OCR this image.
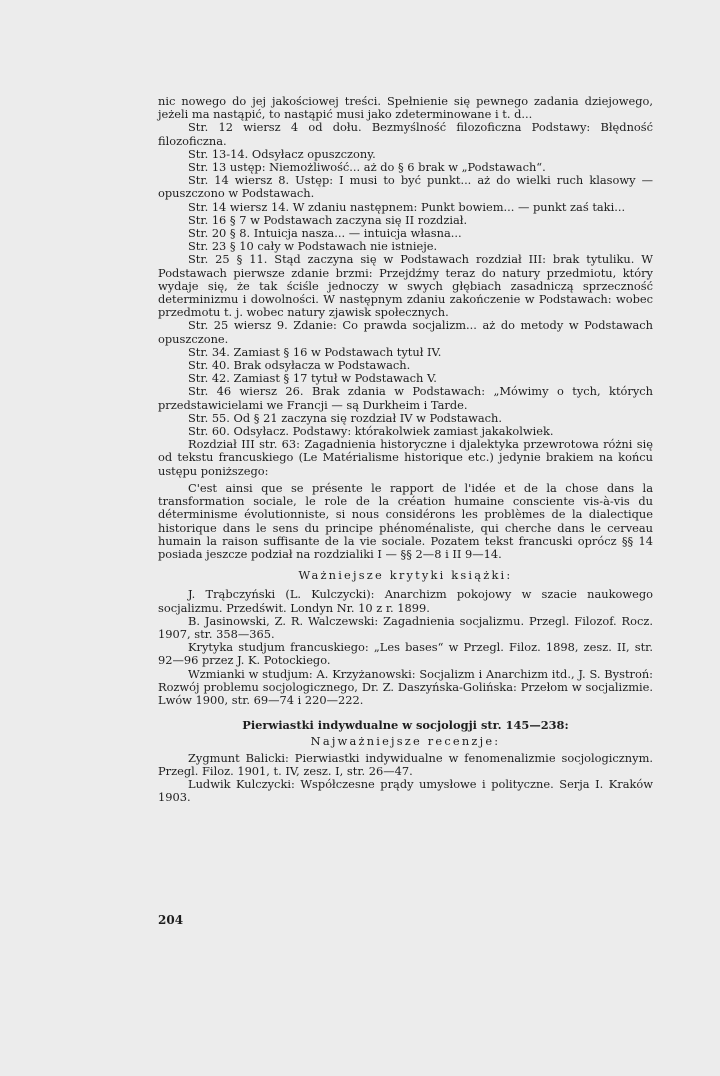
nic nowego do jej jakościowej treści. Spełnienie się pewnego zadania dziejowego, jeżeli ma nastąpić, to nastąpić musi jako zdeterminowane i t. d...

Str. 12 wiersz 4 od dołu. Bezmyślność filozoficzna Podstawy: Błędność filozoficzna.

Str. 13-14. Odsyłacz opuszczony.

Str. 13 ustęp: Niemożliwość... aż do § 6 brak w „Podstawach“.

Str. 14 wiersz 8. Ustęp: I musi to być punkt... aż do wielki ruch klasowy — opuszczono w Podstawach.

Str. 14 wiersz 14. W zdaniu następnem: Punkt bowiem... — punkt zaś taki...

Str. 16 § 7 w Podstawach zaczyna się II rozdział.

Str. 20 § 8. Intuicja nasza... — intuicja własna...

Str. 23 § 10 cały w Podstawach nie istnieje.

Str. 25 § 11. Stąd zaczyna się w Podstawach rozdział III: brak tytuliku. W Podstawach pierwsze zdanie brzmi: Przejdźmy teraz do natury przedmiotu, który wydaje się, że tak ściśle jednoczy w swych głębiach zasadniczą sprzeczność determinizmu i dowolności. W następnym zdaniu zakończenie w Podstawach: wobec przedmotu t. j. wobec natury zjawisk społecznych.

Str. 25 wiersz 9. Zdanie: Co prawda socjalizm... aż do metody w Podstawach opuszczone.

Str. 34. Zamiast § 16 w Podstawach tytuł IV.

Str. 40. Brak odsyłacza w Podstawach.

Str. 42. Zamiast § 17 tytuł w Podstawach V.

Str. 46 wiersz 26. Brak zdania w Podstawach: „Mówimy o tych, których przedstawicielami we Francji — są Durkheim i Tarde.

Str. 55. Od § 21 zaczyna się rozdział IV w Podstawach.

Str. 60. Odsyłacz. Podstawy: którakolwiek zamiast jakakolwiek.

Rozdział III str. 63: Zagadnienia historyczne i djalektyka przewrotowa różni się od tekstu francuskiego (Le Matérialisme historique etc.) jedynie brakiem na końcu ustępu poniższego:

C'est ainsi que se présente le rapport de l'idée et de la chose dans la transformation sociale, le role de la création humaine consciente vis-à-vis du déterminisme évolutionniste, si nous considérons les problèmes de la dialectique historique dans le sens du principe phénoménaliste, qui cherche dans le cerveau humain la raison suffisante de la vie sociale. Pozatem tekst francuski oprócz §§ 14 posiada jeszcze podział na rozdzialiki I — §§ 2—8 i II 9—14.

Ważniejsze krytyki książki:

J. Trąbczyński (L. Kulczycki): Anarchizm pokojowy w szacie naukowego socjalizmu. Przedświt. Londyn Nr. 10 z r. 1899.

B. Jasinowski, Z. R. Walczewski: Zagadnienia socjalizmu. Przegl. Filozof. Rocz. 1907, str. 358—365.

Krytyka studjum francuskiego: „Les bases“ w Przegl. Filoz. 1898, zesz. II, str. 92—96 przez J. K. Potockiego.

Wzmianki w studjum: A. Krzyżanowski: Socjalizm i Anarchizm itd., J. S. Bystroń: Rozwój problemu socjologicznego, Dr. Z. Daszyńska-Golińska: Przełom w socjalizmie. Lwów 1900, str. 69—74 i 220—222.

Pierwiastki indywdualne w socjologji str. 145—238:

Najważniejsze recenzje:

Zygmunt Balicki: Pierwiastki indywidualne w fenomenalizmie socjologicznym. Przegl. Filoz. 1901, t. IV, zesz. I, str. 26—47.

Ludwik Kulczycki: Współczesne prądy umysłowe i polityczne. Serja I. Kraków 1903.

204
